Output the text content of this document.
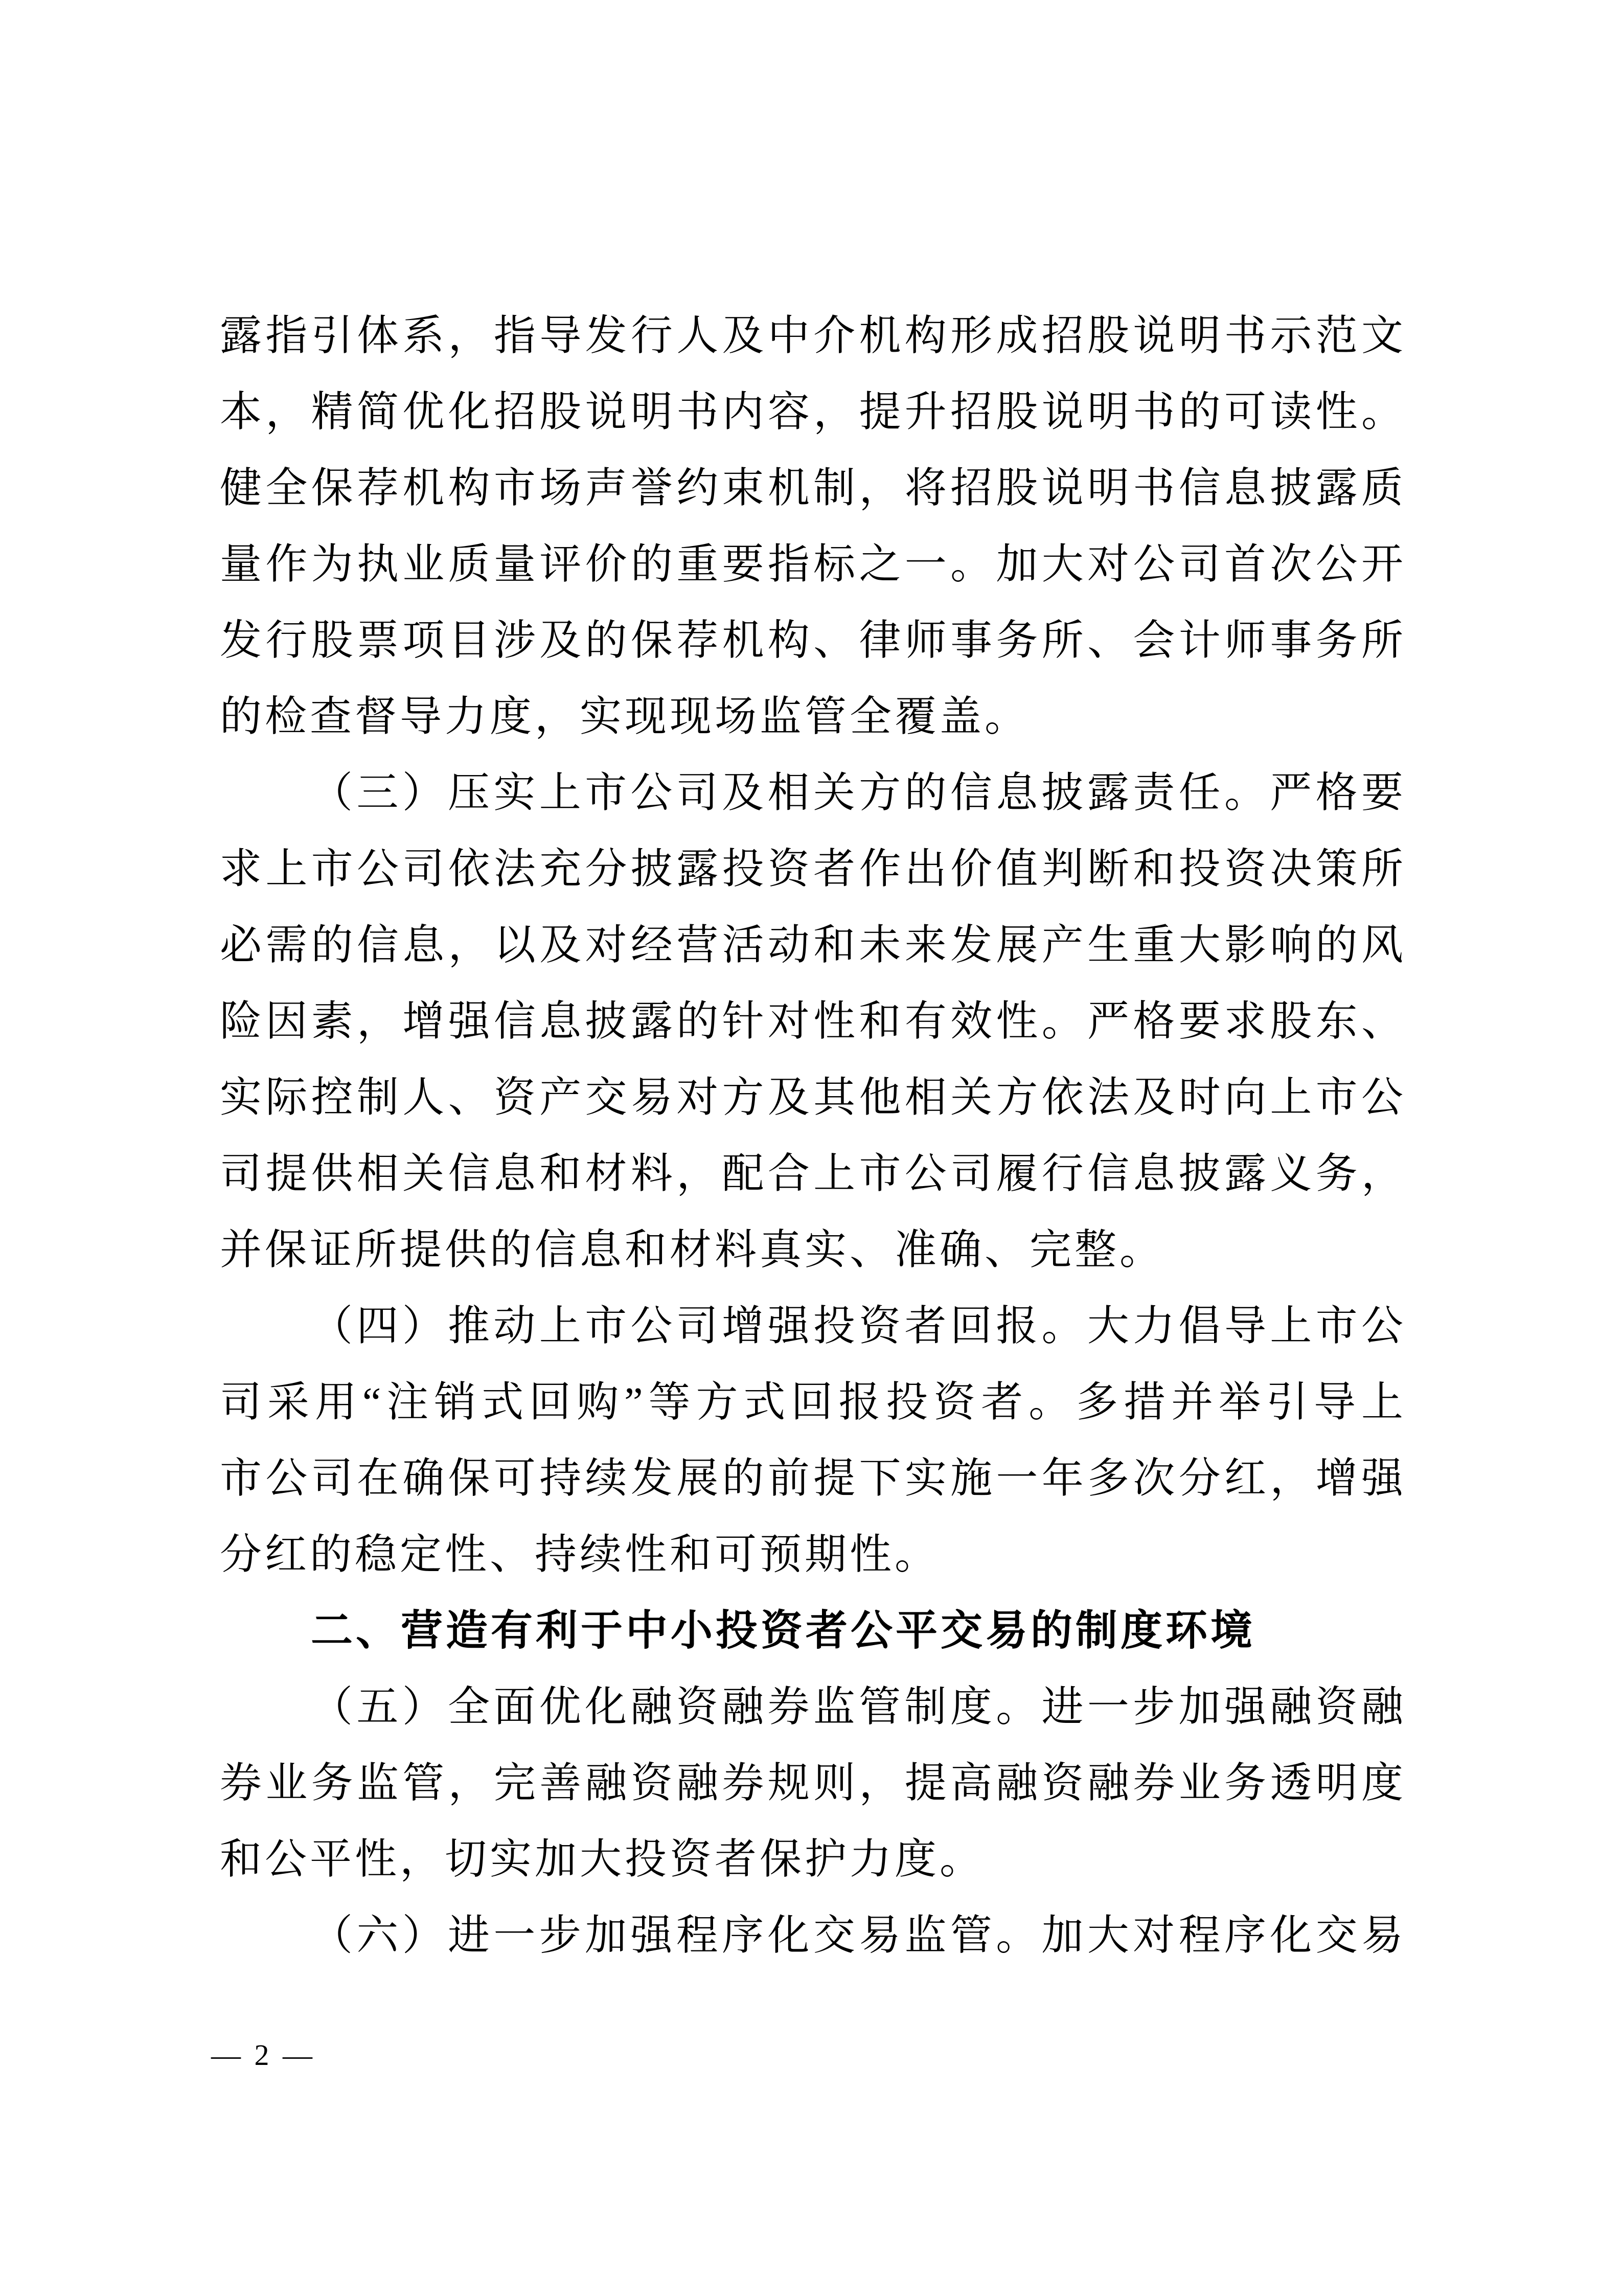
露指引体系，指导发行人及中介机构形成招股说明书示范文
本，精简优化招股说明书内容，提升招股说明书的可读性。
健全保荐机构市场声誉约束机制，将招股说明书信息披露质
量作为执业质量评价的重要指标之一。加大对公司首次公开
发行股票项目涉及的保荐机构、律师事务所、会计师事务所
的检查督导力度，实现现场监管全覆盖。
（三）压实上市公司及相关方的信息披露责任。严格要
求上市公司依法充分披露投资者作出价值判断和投资决策所
必需的信息，以及对经营活动和未来发展产生重大影响的风
险因素，增强信息披露的针对性和有效性。严格要求股东、
实际控制人、资产交易对方及其他相关方依法及时向上市公
司提供相关信息和材料，配合上市公司履行信息披露义务，
并保证所提供的信息和材料真实、准确、完整。
（四）推动上市公司增强投资者回报。大力倡导上市公
司采用“注销式回购”等方式回报投资者。多措并举引导上
市公司在确保可持续发展的前提下实施一年多次分红，增强
分红的稳定性、持续性和可预期性。
二、营造有利于中小投资者公平交易的制度环境
（五）全面优化融资融券监管制度。进一步加强融资融
券业务监管，完善融资融券规则，提高融资融券业务透明度
和公平性，切实加大投资者保护力度。
（六）进一步加强程序化交易监管。加大对程序化交易
— 2 —
